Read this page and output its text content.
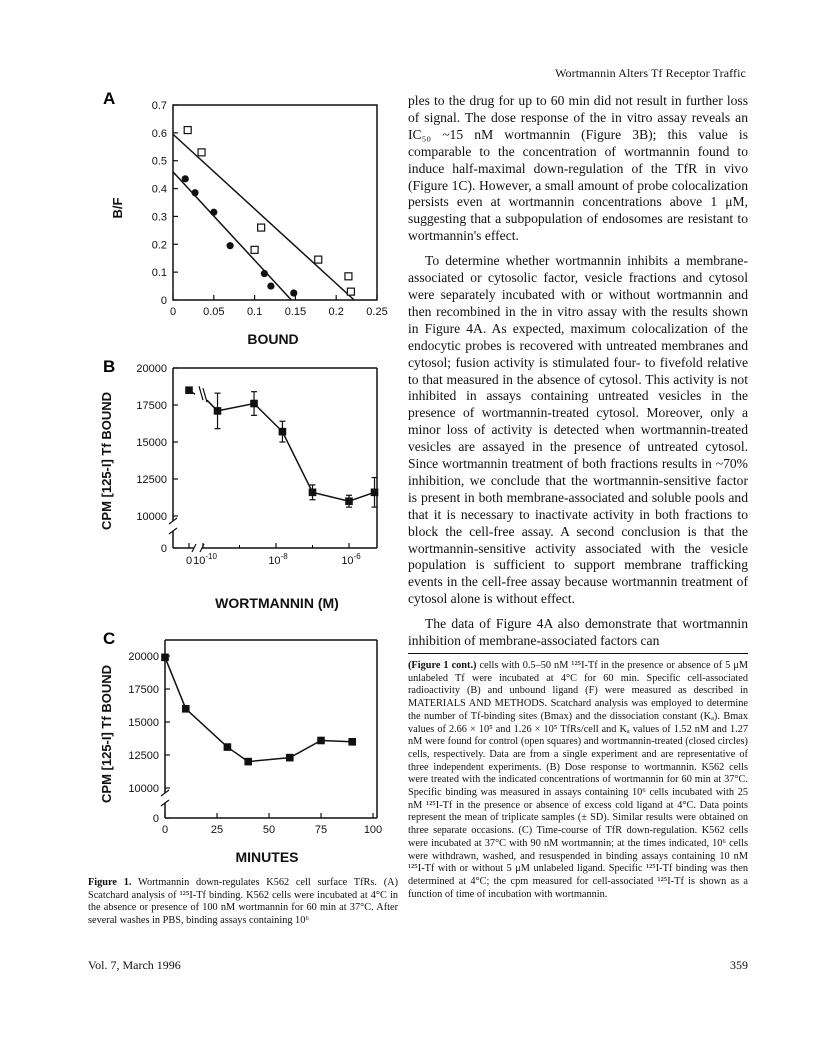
Wortmannin Alters Tf Receptor Traffic
A
B/F
BOUND
0
0.1
0.2
0.3
0.4
0.5
0.6
0.7
0 0.05 0.1 0.15 0.2 0.25
B
CPM [125-I] Tf BOUND
WORTMANNIN (M)
0
10000
12500
15000
17500
20000
0 $10^{-10}$	$10^{-8}$	$10^{-6}$
C
CPM [125-I] Tf BOUND
MINUTES
0
10000
12500
15000
17500
20000
0	25	50	75	100

ples to the drug for up to 60 min did not result in further loss of signal. The dose response of the in vitro assay reveals an IC₅₀ ~15 nM wortmannin (Figure 3B); this value is comparable to the concentration of wortmannin found to induce half-maximal down-regulation of the TfR in vivo (Figure 1C). However, a small amount of probe colocalization persists even at wortmannin concentrations above 1 μM, suggesting that a subpopulation of endosomes are resistant to wortmannin's effect.

To determine whether wortmannin inhibits a membrane-associated or cytosolic factor, vesicle fractions and cytosol were separately incubated with or without wortmannin and then recombined in the in vitro assay with the results shown in Figure 4A. As expected, maximum colocalization of the endocytic probes is recovered with untreated membranes and cytosol; fusion activity is stimulated four- to fivefold relative to that measured in the absence of cytosol. This activity is not inhibited in assays containing untreated vesicles in the presence of wortmannin-treated cytosol. Moreover, only a minor loss of activity is detected when wortmannin-treated vesicles are assayed in the presence of untreated cytosol. Since wortmannin treatment of both fractions results in ~70% inhibition, we conclude that the wortmannin-sensitive factor is present in both membrane-associated and soluble pools and that it is necessary to inactivate activity in both fractions to block the cell-free assay. A second conclusion is that the wortmannin-sensitive activity associated with the vesicle population is sufficient to support membrane trafficking events in the cell-free assay because wortmannin treatment of cytosol alone is without effect.

The data of Figure 4A also demonstrate that wortmannin inhibition of membrane-associated factors can

(Figure 1 cont.) cells with 0.5–50 nM ¹²⁵I-Tf in the presence or absence of 5 μM unlabeled Tf were incubated at 4°C for 60 min. Specific cell-associated radioactivity (B) and unbound ligand (F) were measured as described in MATERIALS AND METHODS. Scatchard analysis was employed to determine the number of Tf-binding sites (Bmax) and the dissociation constant (Kₐ). Bmax values of 2.66 × 10⁵ and 1.26 × 10⁵ TfRs/cell and Kₐ values of 1.52 nM and 1.27 nM were found for control (open squares) and wortmannin-treated (closed circles) cells, respectively. Data are from a single experiment and are representative of three independent experiments. (B) Dose response to wortmannin. K562 cells were treated with the indicated concentrations of wortmannin for 60 min at 37°C. Specific binding was measured in assays containing 10⁶ cells incubated with 25 nM ¹²⁵I-Tf in the presence or absence of excess cold ligand at 4°C. Data points represent the mean of triplicate samples (± SD). Similar results were obtained on three separate occasions. (C) Time-course of TfR down-regulation. K562 cells were incubated at 37°C with 90 nM wortmannin; at the times indicated, 10⁶ cells were withdrawn, washed, and resuspended in binding assays containing 10 nM ¹²⁵I-Tf with or without 5 μM unlabeled ligand. Specific ¹²⁵I-Tf binding was then determined at 4°C; the cpm measured for cell-associated ¹²⁵I-Tf is shown as a function of time of incubation with wortmannin.
Figure 1. Wortmannin down-regulates K562 cell surface TfRs. (A) Scatchard analysis of ¹²⁵I-Tf binding. K562 cells were incubated at 4°C in the absence or presence of 100 nM wortmannin for 60 min at 37°C. After several washes in PBS, binding assays containing 10⁶
Vol. 7, March 1996	359
